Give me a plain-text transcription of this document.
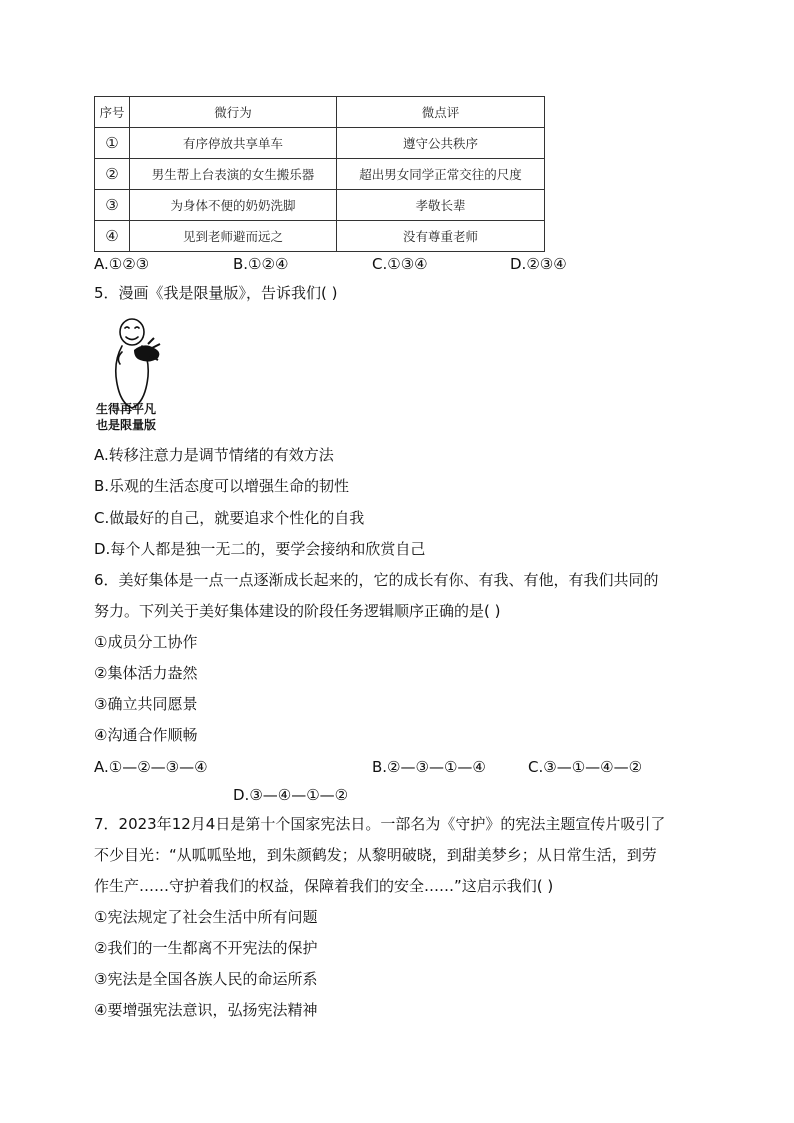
序号	微行为	微点评
①	有序停放共享单车	遵守公共秩序
②	男生帮上台表演的女生搬乐器	超出男女同学正常交往的尺度
③	为身体不便的奶奶洗脚	孝敬长辈
④	见到老师避而远之	没有尊重老师
A.①②③	B.①②④	C.①③④	D.②③④
5．漫画《我是限量版》，告诉我们( )
生得再平凡
也是限量版
A.转移注意力是调节情绪的有效方法
B.乐观的生活态度可以增强生命的韧性
C.做最好的自己，就要追求个性化的自我
D.每个人都是独一无二的，要学会接纳和欣赏自己
6．美好集体是一点一点逐渐成长起来的，它的成长有你、有我、有他，有我们共同的
努力。下列关于美好集体建设的阶段任务逻辑顺序正确的是( )
①成员分工协作
②集体活力盎然
③确立共同愿景
④沟通合作顺畅
A.①—②—③—④	B.②—③—①—④	C.③—①—④—②
D.③—④—①—②
7．2023年12月4日是第十个国家宪法日。一部名为《守护》的宪法主题宣传片吸引了
不少目光：“从呱呱坠地，到朱颜鹤发；从黎明破晓，到甜美梦乡；从日常生活，到劳
作生产……守护着我们的权益，保障着我们的安全……”这启示我们( )
①宪法规定了社会生活中所有问题
②我们的一生都离不开宪法的保护
③宪法是全国各族人民的命运所系
④要增强宪法意识，弘扬宪法精神
